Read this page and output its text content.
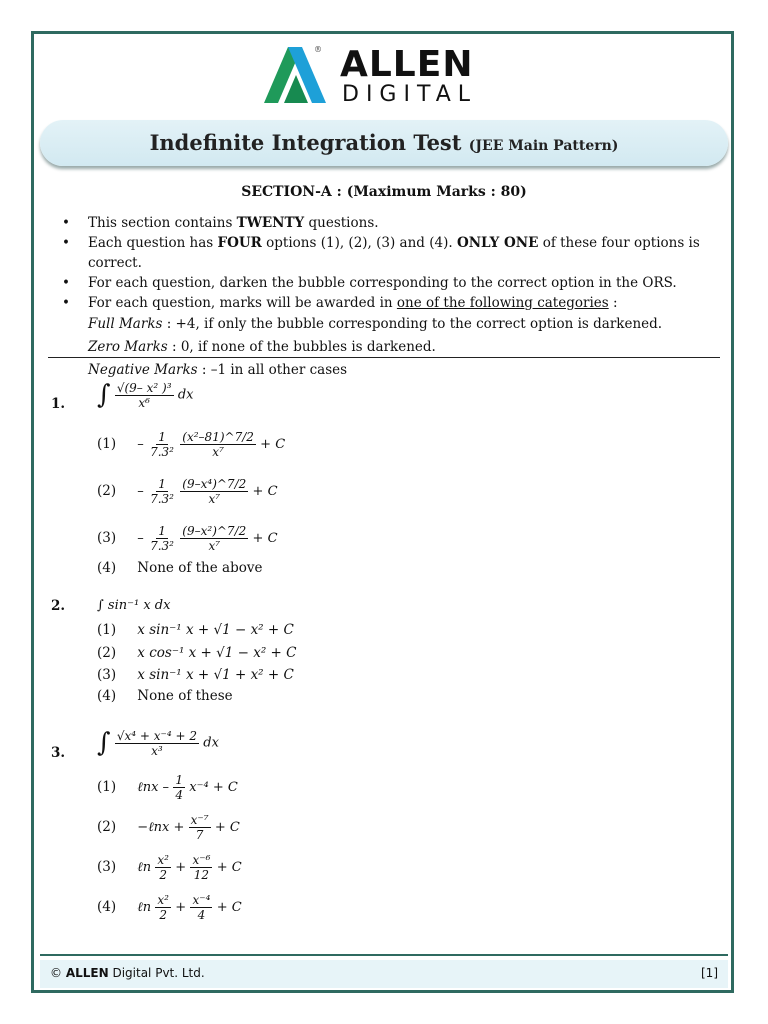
® ALLEN
DIGITAL
Indefinite Integration Test (JEE Main Pattern)
SECTION-A : (Maximum Marks : 80)
• This section contains TWENTY questions.
• Each question has FOUR options (1), (2), (3) and (4). ONLY ONE of these four options is correct.
• For each question, darken the bubble corresponding to the correct option in the ORS.
• For each question, marks will be awarded in one of the following categories :
Full Marks : +4, if only the bubble corresponding to the correct option is darkened.
Zero Marks : 0, if none of the bubbles is darkened.
Negative Marks : –1 in all other cases
1. ∫ $\frac{\text{√(9– x² )³}}{\text{x⁶}}$ dx
$(1) - \frac{1}{\text{7.3²}}$
$\frac{\text{(x²–81)\textasciicircum{}7/2}}{\text{x⁷}} + C$
$(2) - \frac{1}{\text{7.3²}}$
$\frac{\text{(9–x⁴)\textasciicircum{}7/2}}{\text{x⁷}} + C$
$(3) - \frac{1}{\text{7.3²}}$
$\frac{\text{(9–x²)\textasciicircum{}7/2}}{\text{x⁷}} + C$
(4) None of the above
2. ∫ sin⁻¹ x dx
(1) x sin⁻¹ x + √1 − x² + C
(2) x cos⁻¹ x + √1 − x² + C
(3) x sin⁻¹ x + √1 + x² + C
(4) None of these
3. ∫ $\frac{\text{√x⁴ + x⁻⁴ + 2}}{\text{x³}}$ dx
(1) ℓnx – $\frac{1}{4} x^{-4} + C$
(2) −ℓnx + $\frac{\text{x⁻⁷}}{7} + C$
(3) ℓn $\frac{\text{x²}}{2} + \frac{\text{x⁻⁶}}{12} + C$
(4) ℓn $\frac{\text{x²}}{2} + \frac{\text{x⁻⁴}}{4} + C$
© ALLEN Digital Pvt. Ltd.	[1]
